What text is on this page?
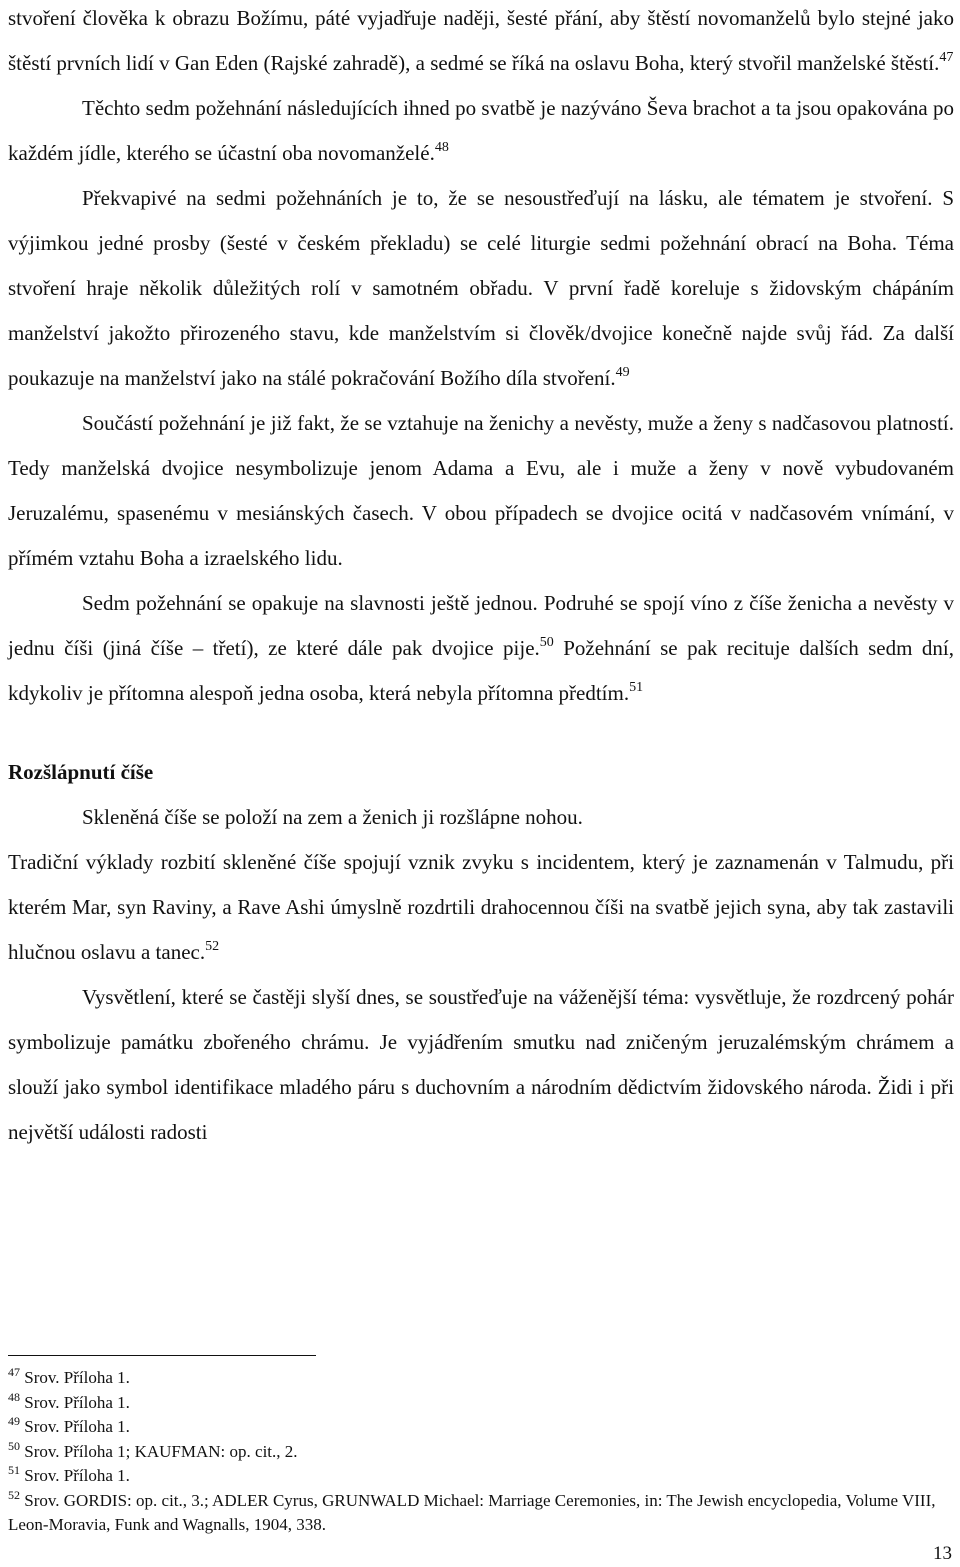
stvoření člověka k obrazu Božímu, páté vyjadřuje naději, šesté přání, aby štěstí novomanželů bylo stejné jako štěstí prvních lidí v Gan Eden (Rajské zahradě), a sedmé se říká na oslavu Boha, který stvořil manželské štěstí.$^{47}$

Těchto sedm požehnání následujících ihned po svatbě je nazýváno Ševa brachot a ta jsou opakována po každém jídle, kterého se účastní oba novomanželé.$^{48}$

Překvapivé na sedmi požehnáních je to, že se nesoustřeďují na lásku, ale tématem je stvoření. S výjimkou jedné prosby (šesté v českém překladu) se celé liturgie sedmi požehnání obrací na Boha. Téma stvoření hraje několik důležitých rolí v samotném obřadu. V první řadě koreluje s židovským chápáním manželství jakožto přirozeného stavu, kde manželstvím si člověk/dvojice konečně najde svůj řád. Za další poukazuje na manželství jako na stálé pokračování Božího díla stvoření.$^{49}$

Součástí požehnání je již fakt, že se vztahuje na ženichy a nevěsty, muže a ženy s nadčasovou platností. Tedy manželská dvojice nesymbolizuje jenom Adama a Evu, ale i muže a ženy v nově vybudovaném Jeruzalému, spasenému v mesiánských časech. V obou případech se dvojice ocitá v nadčasovém vnímání, v přímém vztahu Boha a izraelského lidu.

Sedm požehnání se opakuje na slavnosti ještě jednou. Podruhé se spojí víno z číše ženicha a nevěsty v jednu číši (jiná číše – třetí), ze které dále pak dvojice pije.$^{50}$ Požehnání se pak recituje dalších sedm dní, kdykoliv je přítomna alespoň jedna osoba, která nebyla přítomna předtím.$^{51}$

Rozšlápnutí číše

Skleněná číše se položí na zem a ženich ji rozšlápne nohou.

Tradiční výklady rozbití skleněné číše spojují vznik zvyku s incidentem, který je zaznamenán v Talmudu, při kterém Mar, syn Raviny, a Rave Ashi úmyslně rozdrtili drahocennou číši na svatbě jejich syna, aby tak zastavili hlučnou oslavu a tanec.$^{52}$

Vysvětlení, které se častěji slyší dnes, se soustřeďuje na váženější téma: vysvětluje, že rozdrcený pohár symbolizuje památku zbořeného chrámu. Je vyjádřením smutku nad zničeným jeruzalémským chrámem a slouží jako symbol identifikace mladého páru s duchovním a národním dědictvím židovského národa. Židi i při největší události radosti

$^{47}$ Srov. Příloha 1.

$^{48}$ Srov. Příloha 1.

$^{49}$ Srov. Příloha 1.

$^{50}$ Srov. Příloha 1; KAUFMAN: op. cit., 2.

$^{51}$ Srov. Příloha 1.

$^{52}$ Srov. GORDIS: op. cit., 3.; ADLER Cyrus, GRUNWALD Michael: Marriage Ceremonies, in: The Jewish encyclopedia, Volume VIII, Leon-Moravia, Funk and Wagnalls, 1904, 338.

13
